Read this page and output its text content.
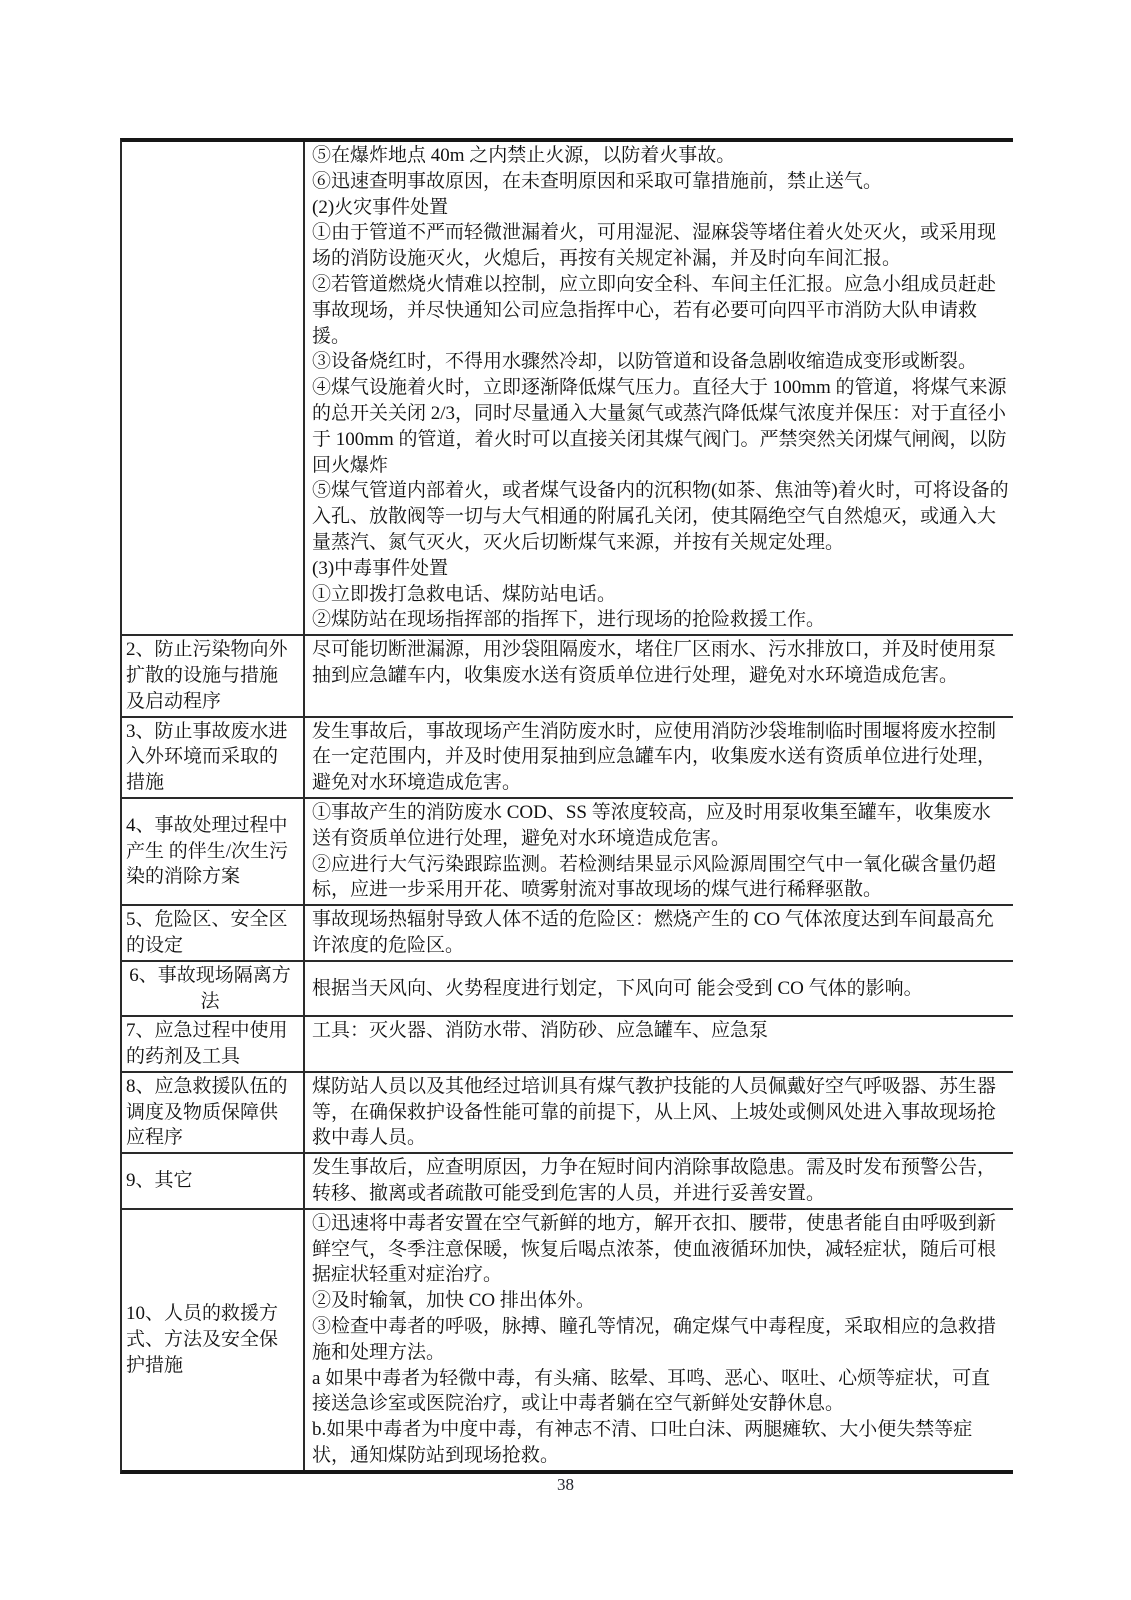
⑤在爆炸地点 40m 之内禁止火源，以防着火事故。

⑥迅速查明事故原因，在未查明原因和采取可靠措施前，禁止送气。

(2)火灾事件处置

①由于管道不严而轻微泄漏着火，可用湿泥、湿麻袋等堵住着火处灭火，或采用现场的消防设施灭火，火熄后，再按有关规定补漏，并及时向车间汇报。

②若管道燃烧火情难以控制，应立即向安全科、车间主任汇报。应急小组成员赶赴事故现场，并尽快通知公司应急指挥中心，若有必要可向四平市消防大队申请救援。

③设备烧红时，不得用水骤然冷却，以防管道和设备急剧收缩造成变形或断裂。

④煤气设施着火时，立即逐渐降低煤气压力。直径大于 100mm 的管道，将煤气来源的总开关关闭 2/3，同时尽量通入大量氮气或蒸汽降低煤气浓度并保压：对于直径小于 100mm 的管道，着火时可以直接关闭其煤气阀门。严禁突然关闭煤气闸阀，以防回火爆炸

⑤煤气管道内部着火，或者煤气设备内的沉积物(如茶、焦油等)着火时，可将设备的入孔、放散阀等一切与大气相通的附属孔关闭，使其隔绝空气自然熄灭，或通入大量蒸汽、氮气灭火，灭火后切断煤气来源，并按有关规定处理。

(3)中毒事件处置

①立即拨打急救电话、煤防站电话。

②煤防站在现场指挥部的指挥下，进行现场的抢险救援工作。

2、防止污染物向外扩散的设施与措施及启动程序

尽可能切断泄漏源，用沙袋阻隔废水，堵住厂区雨水、污水排放口，并及时使用泵抽到应急罐车内，收集废水送有资质单位进行处理，避免对水环境造成危害。

3、防止事故废水进入外环境而采取的措施

发生事故后，事故现场产生消防废水时，应使用消防沙袋堆制临时围堰将废水控制在一定范围内，并及时使用泵抽到应急罐车内，收集废水送有资质单位进行处理，避免对水环境造成危害。

4、事故处理过程中产生 的伴生/次生污染的消除方案

①事故产生的消防废水 COD、SS 等浓度较高，应及时用泵收集至罐车，收集废水送有资质单位进行处理，避免对水环境造成危害。

②应进行大气污染跟踪监测。若检测结果显示风险源周围空气中一氧化碳含量仍超标，应进一步采用开花、喷雾射流对事故现场的煤气进行稀释驱散。

5、危险区、安全区的设定

事故现场热辐射导致人体不适的危险区：燃烧产生的 CO 气体浓度达到车间最高允许浓度的危险区。

6、事故现场隔离方法

根据当天风向、火势程度进行划定，下风向可 能会受到 CO 气体的影响。

7、应急过程中使用的药剂及工具

工具：灭火器、消防水带、消防砂、应急罐车、应急泵

8、应急救援队伍的调度及物质保障供应程序

煤防站人员以及其他经过培训具有煤气教护技能的人员佩戴好空气呼吸器、苏生器等，在确保救护设备性能可靠的前提下，从上风、上坡处或侧风处进入事故现场抢救中毒人员。

9、其它

发生事故后，应查明原因，力争在短时间内消除事故隐患。需及时发布预警公告，转移、撤离或者疏散可能受到危害的人员，并进行妥善安置。

10、人员的救援方式、方法及安全保护措施

①迅速将中毒者安置在空气新鲜的地方，解开衣扣、腰带，使患者能自由呼吸到新鲜空气，冬季注意保暖，恢复后喝点浓茶，使血液循环加快，减轻症状，随后可根据症状轻重对症治疗。

②及时输氧，加快 CO 排出体外。

③检查中毒者的呼吸，脉搏、瞳孔等情况，确定煤气中毒程度，采取相应的急救措施和处理方法。

a 如果中毒者为轻微中毒，有头痛、眩晕、耳鸣、恶心、呕吐、心烦等症状，可直接送急诊室或医院治疗，或让中毒者躺在空气新鲜处安静休息。

b.如果中毒者为中度中毒，有神志不清、口吐白沫、两腿瘫软、大小便失禁等症状，通知煤防站到现场抢救。

38
